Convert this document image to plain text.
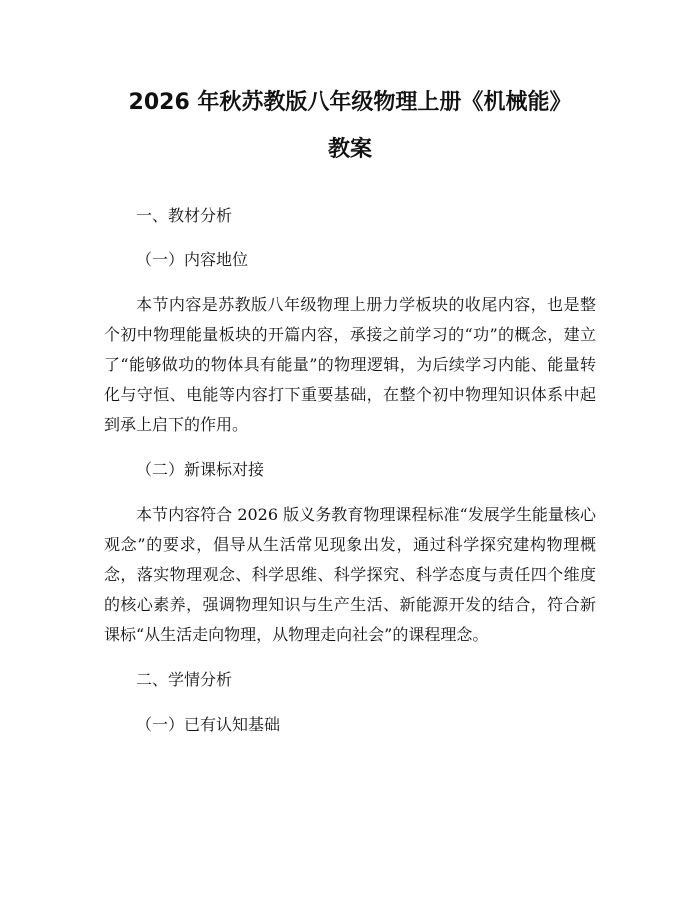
2026 年秋苏教版八年级物理上册《机械能》
教案

一、教材分析

（一）内容地位

本节内容是苏教版八年级物理上册力学板块的收尾内容，也是整个初中物理能量板块的开篇内容，承接之前学习的“功”的概念，建立了“能够做功的物体具有能量”的物理逻辑，为后续学习内能、能量转化与守恒、电能等内容打下重要基础，在整个初中物理知识体系中起到承上启下的作用。

（二）新课标对接

本节内容符合 2026 版义务教育物理课程标准“发展学生能量核心观念”的要求，倡导从生活常见现象出发，通过科学探究建构物理概念，落实物理观念、科学思维、科学探究、科学态度与责任四个维度的核心素养，强调物理知识与生产生活、新能源开发的结合，符合新课标“从生活走向物理，从物理走向社会”的课程理念。

二、学情分析

（一）已有认知基础
